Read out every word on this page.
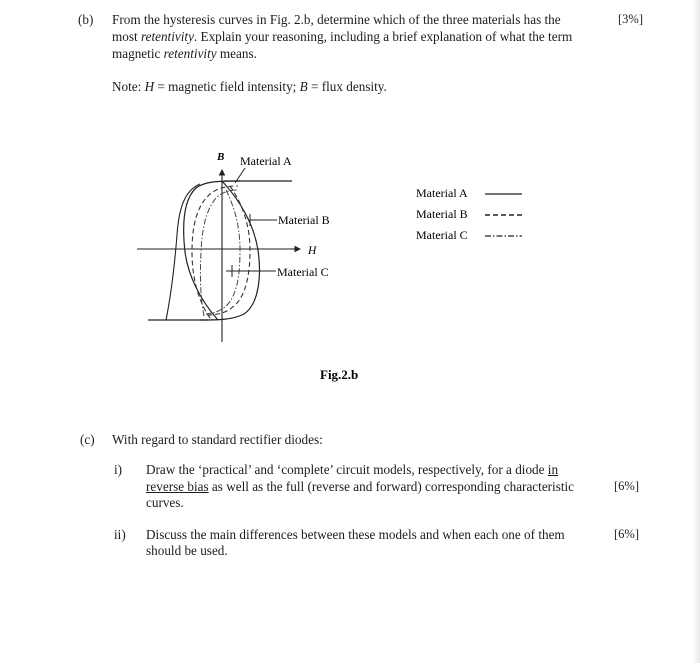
(b) From the hysteresis curves in Fig. 2.b, determine which of the three materials has the	[3%]
most retentivity. Explain your reasoning, including a brief explanation of what the term
magnetic retentivity means.
Note: H = magnetic field intensity; B = flux density.
B
H
Material A
Material B
Material C
Material A
Material B
Material C
Fig.2.b
(c) With regard to standard rectifier diodes:
i) Draw the ‘practical’ and ‘complete’ circuit models, respectively, for a diode in
reverse bias as well as the full (reverse and forward) corresponding characteristic	[6%]
curves.
ii) Discuss the main differences between these models and when each one of them	[6%]
should be used.
